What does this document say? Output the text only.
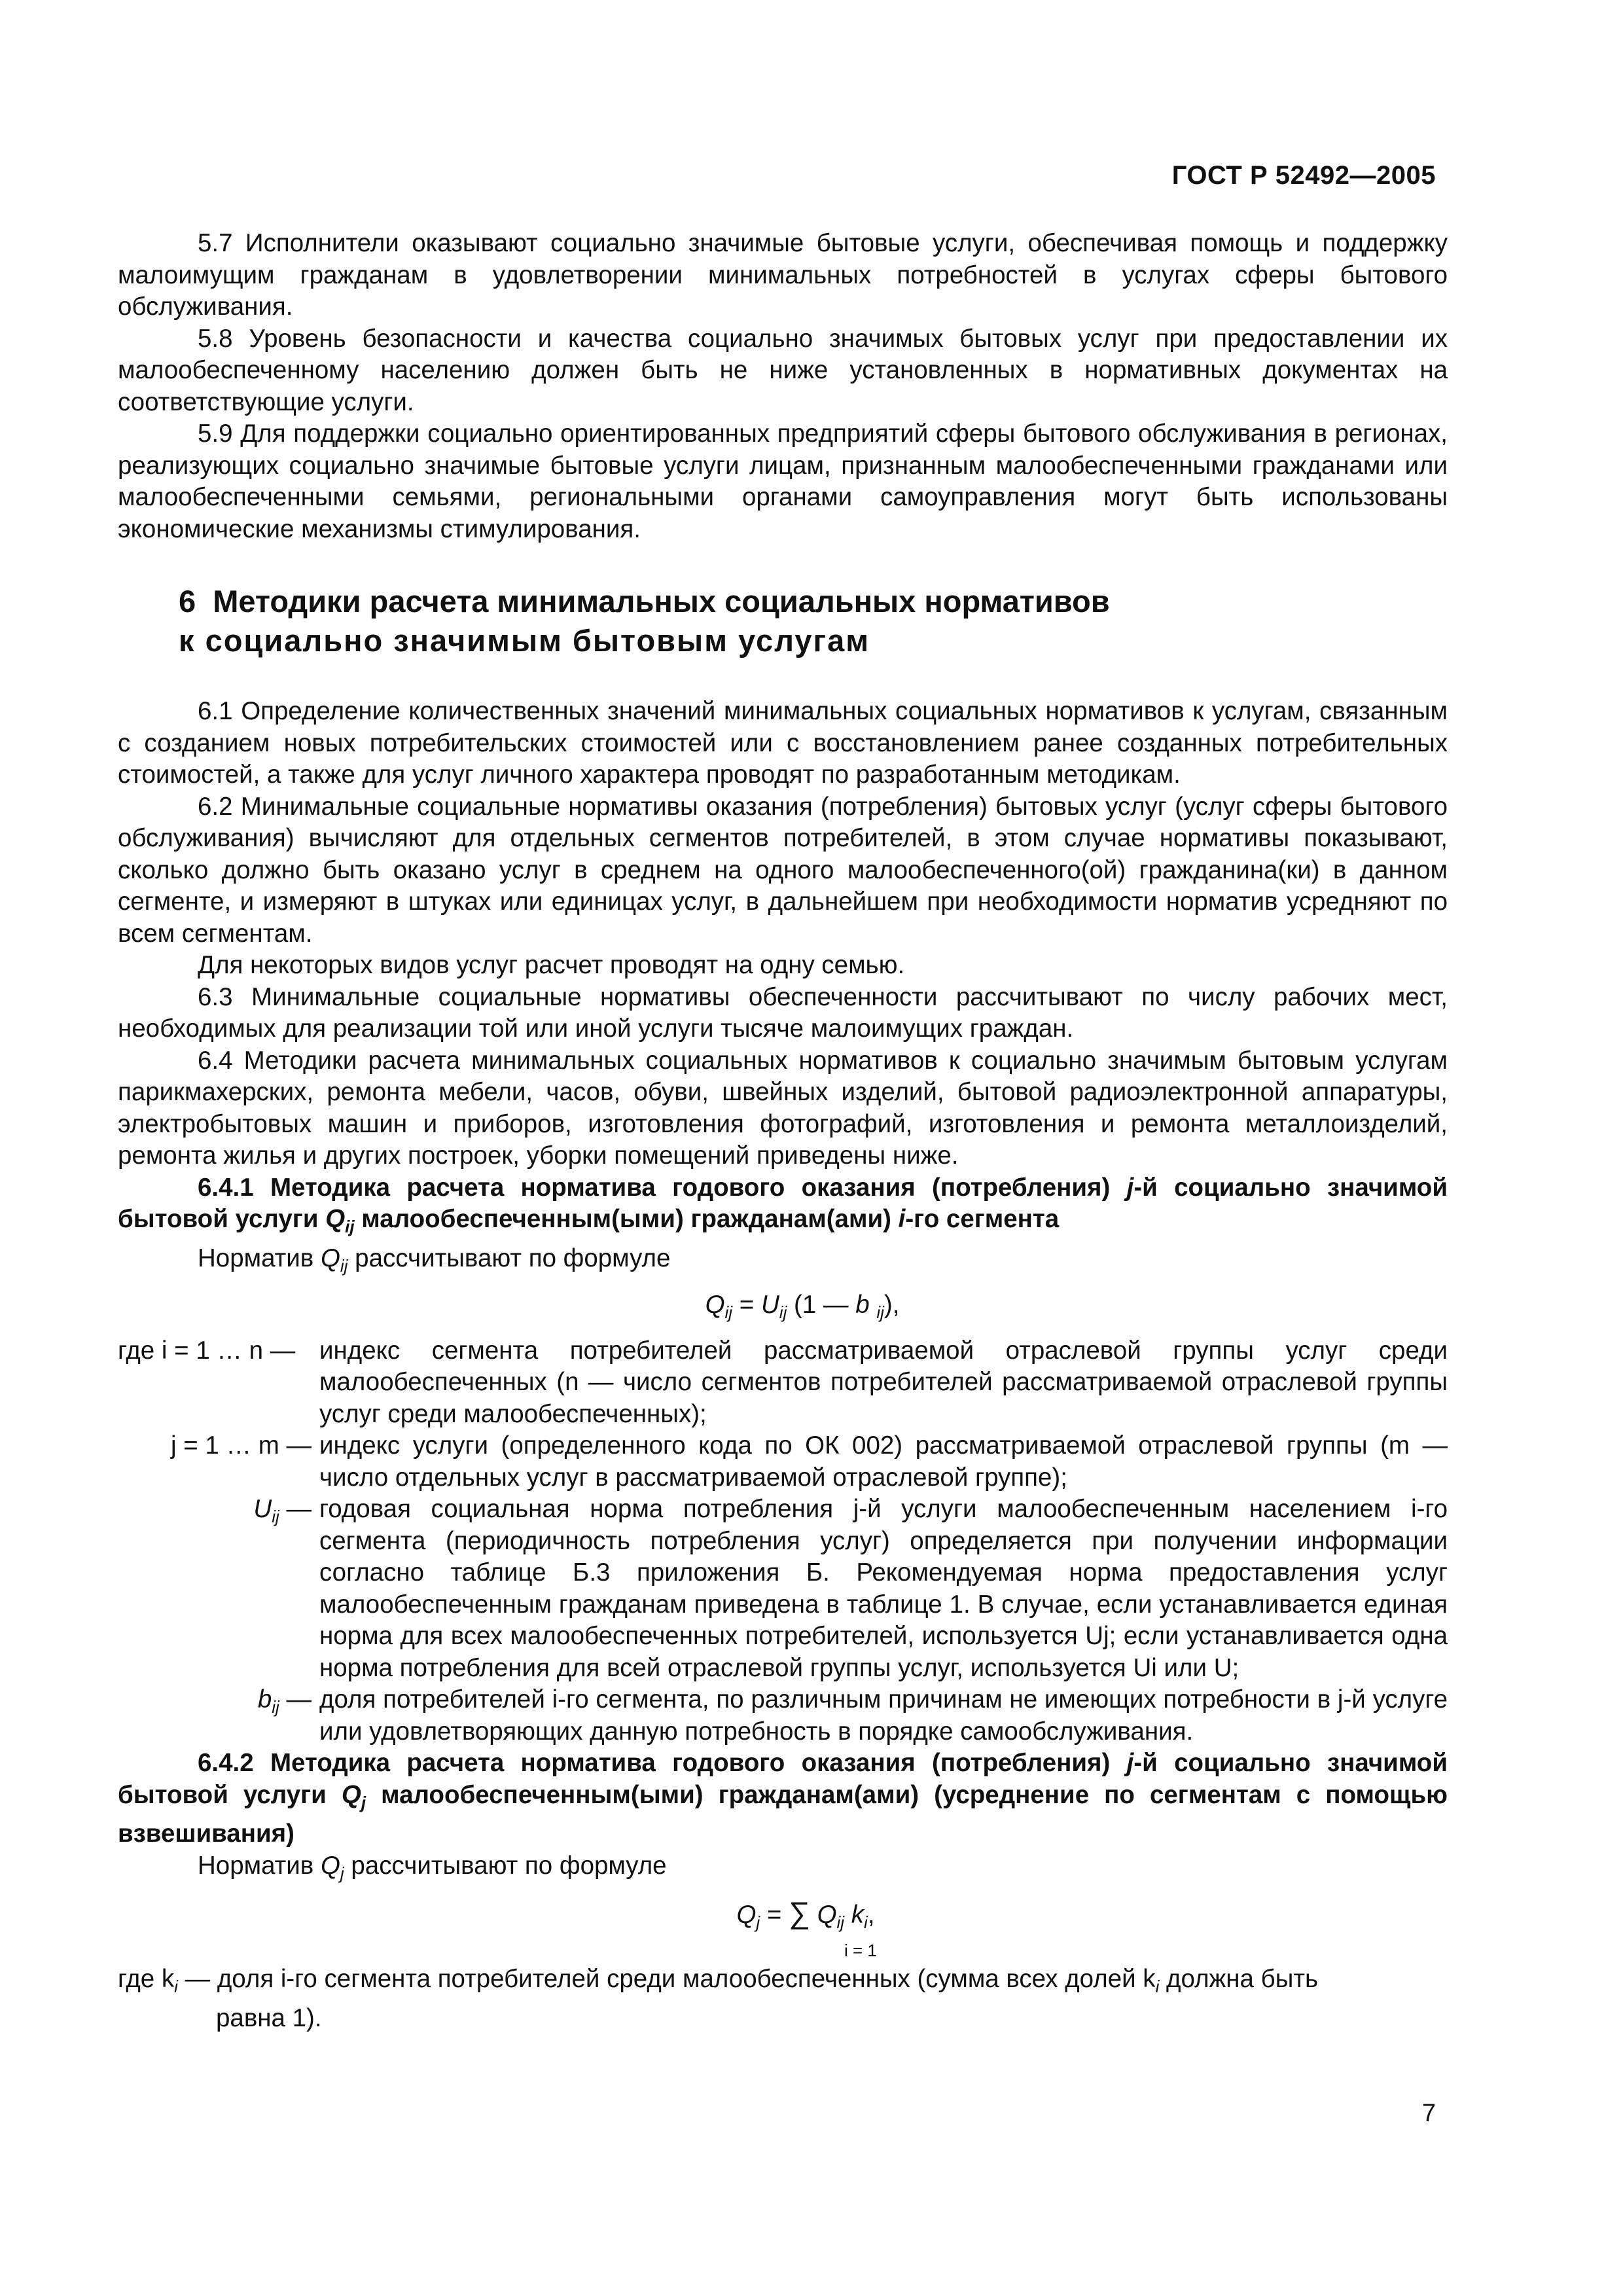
ГОСТ Р 52492—2005

5.7 Исполнители оказывают социально значимые бытовые услуги, обеспечивая помощь и поддержку малоимущим гражданам в удовлетворении минимальных потребностей в услугах сферы бытового обслуживания.

5.8 Уровень безопасности и качества социально значимых бытовых услуг при предоставлении их малообеспеченному населению должен быть не ниже установленных в нормативных документах на соответствующие услуги.

5.9 Для поддержки социально ориентированных предприятий сферы бытового обслуживания в регионах, реализующих социально значимые бытовые услуги лицам, признанным малообеспеченными гражданами или малообеспеченными семьями, региональными органами самоуправления могут быть использованы экономические механизмы стимулирования.

6 Методики расчета минимальных социальных нормативов
к социально значимым бытовым услугам

6.1 Определение количественных значений минимальных социальных нормативов к услугам, связанным с созданием новых потребительских стоимостей или с восстановлением ранее созданных потребительных стоимостей, а также для услуг личного характера проводят по разработанным методикам.

6.2 Минимальные социальные нормативы оказания (потребления) бытовых услуг (услуг сферы бытового обслуживания) вычисляют для отдельных сегментов потребителей, в этом случае нормативы показывают, сколько должно быть оказано услуг в среднем на одного малообеспеченного(ой) гражданина(ки) в данном сегменте, и измеряют в штуках или единицах услуг, в дальнейшем при необходимости норматив усредняют по всем сегментам.

Для некоторых видов услуг расчет проводят на одну семью.

6.3 Минимальные социальные нормативы обеспеченности рассчитывают по числу рабочих мест, необходимых для реализации той или иной услуги тысяче малоимущих граждан.

6.4 Методики расчета минимальных социальных нормативов к социально значимым бытовым услугам парикмахерских, ремонта мебели, часов, обуви, швейных изделий, бытовой радиоэлектронной аппаратуры, электробытовых машин и приборов, изготовления фотографий, изготовления и ремонта металлоизделий, ремонта жилья и других построек, уборки помещений приведены ниже.

6.4.1 Методика расчета норматива годового оказания (потребления) j-й социально значимой бытовой услуги $Q_{ij}$ малообеспеченным(ыми) гражданам(ами) i-го сегмента

Норматив $Q_{ij}$ рассчитывают по формуле

$Q_{ij} = U_{ij}$ (1 — b $_{ij}$),
где i = 1 … n — индекс сегмента потребителей рассматриваемой отраслевой группы услуг среди малообеспеченных (n — число сегментов потребителей рассматриваемой отраслевой группы услуг среди малообеспеченных);
j = 1 … m — индекс услуги (определенного кода по ОК 002) рассматриваемой отраслевой группы (m — число отдельных услуг в рассматриваемой отраслевой группе);
$U_{ij}$ — годовая социальная норма потребления j-й услуги малообеспеченным населением i-го сегмента (периодичность потребления услуг) определяется при получении информации согласно таблице Б.3 приложения Б. Рекомендуемая норма предоставления услуг малообеспеченным гражданам приведена в таблице 1. В случае, если устанавливается единая норма для всех малообеспеченных потребителей, используется Uj; если устанавливается одна норма потребления для всей отраслевой группы услуг, используется Ui или U;
$b_{ij}$ — доля потребителей i-го сегмента, по различным причинам не имеющих потребности в j-й услуге или удовлетворяющих данную потребность в порядке самообслуживания.

6.4.2 Методика расчета норматива годового оказания (потребления) j-й социально значимой бытовой услуги $Q_j$ малообеспеченным(ыми) гражданам(ами) (усреднение по сегментам с помощью взвешивания)

Норматив $Q_j$ рассчитывают по формуле

$Q_j$ = ∑ $Q_{ij}$ $k_i$,
i = 1
где $k_i$ — доля i-го сегмента потребителей среди малообеспеченных (сумма всех долей $k_i$ должна быть
равна 1).
7
